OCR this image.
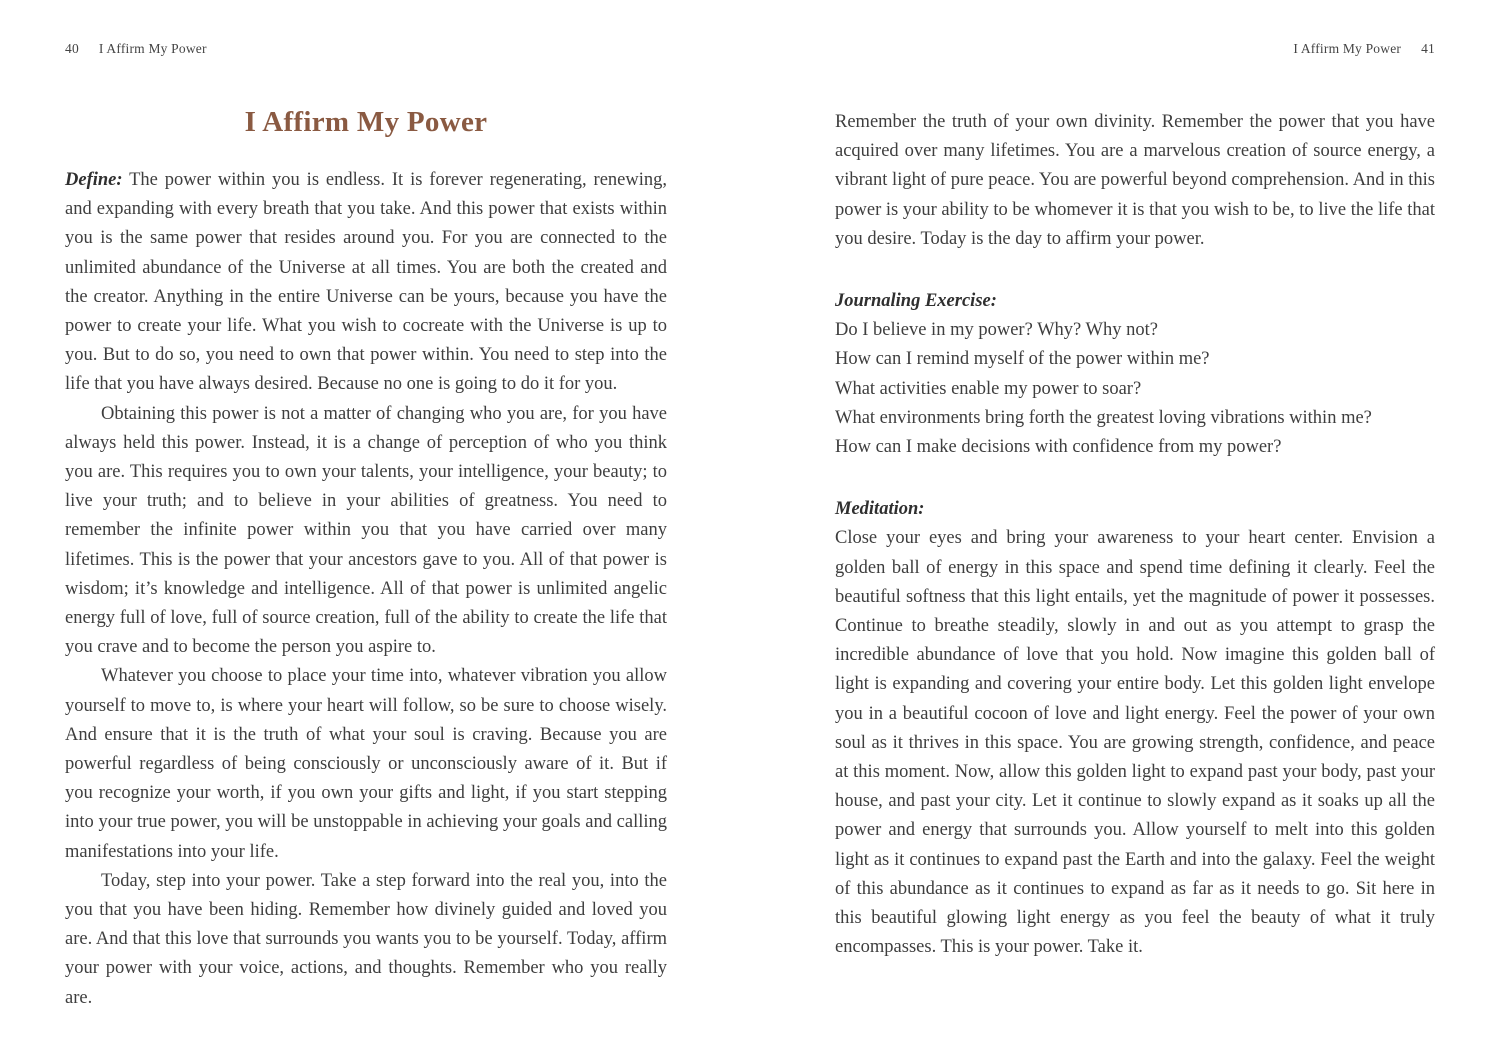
40 I Affirm My Power
I Affirm My Power

Define: The power within you is endless. It is forever regenerating, renewing, and expanding with every breath that you take. And this power that exists within you is the same power that resides around you. For you are connected to the unlimited abundance of the Universe at all times. You are both the created and the creator. Anything in the entire Universe can be yours, because you have the power to create your life. What you wish to cocreate with the Universe is up to you. But to do so, you need to own that power within. You need to step into the life that you have always desired. Because no one is going to do it for you.

Obtaining this power is not a matter of changing who you are, for you have always held this power. Instead, it is a change of perception of who you think you are. This requires you to own your talents, your intelligence, your beauty; to live your truth; and to believe in your abilities of greatness. You need to remember the infinite power within you that you have carried over many lifetimes. This is the power that your ancestors gave to you. All of that power is wisdom; it’s knowledge and intelligence. All of that power is unlimited angelic energy full of love, full of source creation, full of the ability to create the life that you crave and to become the person you aspire to.

Whatever you choose to place your time into, whatever vibration you allow yourself to move to, is where your heart will follow, so be sure to choose wisely. And ensure that it is the truth of what your soul is craving. Because you are powerful regardless of being consciously or unconsciously aware of it. But if you recognize your worth, if you own your gifts and light, if you start stepping into your true power, you will be unstoppable in achieving your goals and calling manifestations into your life.

Today, step into your power. Take a step forward into the real you, into the you that you have been hiding. Remember how divinely guided and loved you are. And that this love that surrounds you wants you to be yourself. Today, affirm your power with your voice, actions, and thoughts. Remember who you really are.

I Affirm My Power 41

Remember the truth of your own divinity. Remember the power that you have acquired over many lifetimes. You are a marvelous creation of source energy, a vibrant light of pure peace. You are powerful beyond comprehension. And in this power is your ability to be whomever it is that you wish to be, to live the life that you desire. Today is the day to affirm your power.

Journaling Exercise:
Do I believe in my power? Why? Why not?
How can I remind myself of the power within me?
What activities enable my power to soar?
What environments bring forth the greatest loving vibrations within me?
How can I make decisions with confidence from my power?
Meditation:

Close your eyes and bring your awareness to your heart center. Envision a golden ball of energy in this space and spend time defining it clearly. Feel the beautiful softness that this light entails, yet the magnitude of power it possesses. Continue to breathe steadily, slowly in and out as you attempt to grasp the incredible abundance of love that you hold. Now imagine this golden ball of light is expanding and covering your entire body. Let this golden light envelope you in a beautiful cocoon of love and light energy. Feel the power of your own soul as it thrives in this space. You are growing strength, confidence, and peace at this moment. Now, allow this golden light to expand past your body, past your house, and past your city. Let it continue to slowly expand as it soaks up all the power and energy that surrounds you. Allow yourself to melt into this golden light as it continues to expand past the Earth and into the galaxy. Feel the weight of this abundance as it continues to expand as far as it needs to go. Sit here in this beautiful glowing light energy as you feel the beauty of what it truly encompasses. This is your power. Take it.
